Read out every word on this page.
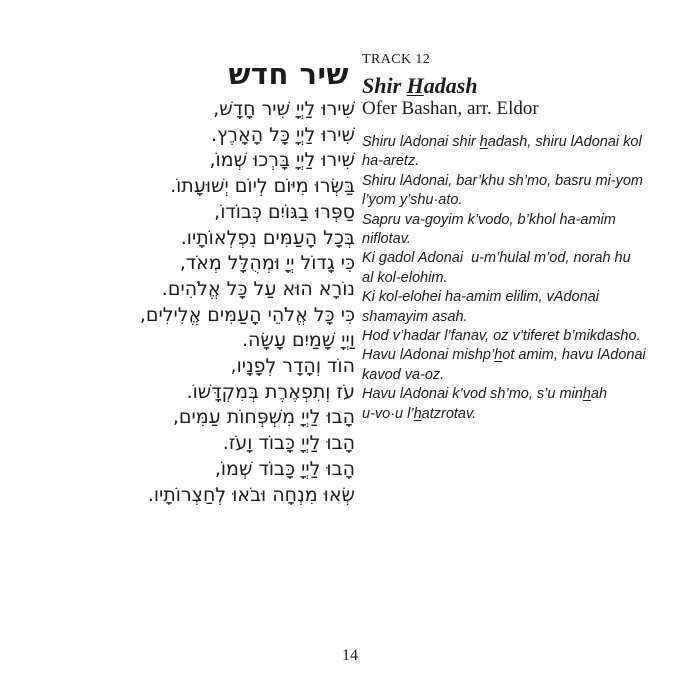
שיר חדש
שִׁירוּ לַיְיָ שִׁיר חָדָשׁ,
שִׁירוּ לַיְיָ כָּל הָאָרֶץ.
שִׁירוּ לַיְיָ בָּרְכוּ שְׁמוֹ,
בַּשְּׂרוּ מִיּוֹם לְיוֹם יְשׁוּעָתוֹ.
סַפְּרוּ בַגּוֹיִם כְּבוֹדוֹ,
בְּכָל הָעַמִּים נִפְלְאוֹתָיו.
כִּי גָדוֹל יְיָ וּמְהֻלָּל מְאֹד,
נוֹרָא הוּא עַל כָּל אֱלֹהִים.
כִּי כָּל אֱלֹהֵי הָעַמִּים אֱלִילִים,
וַיְיָ שָׁמַיִם עָשָׂה.
הוֹד וְהָדָר לְפָנָיו,
עֹז וְתִפְאֶרֶת בְּמִקְדָּשׁוֹ.
הָבוּ לַיְיָ מִשְׁפְּחוֹת עַמִּים,
הָבוּ לַיְיָ כָּבוֹד וָעֹז.
הָבוּ לַיְיָ כָּבוֹד שְׁמוֹ,
שְׂאוּ מִנְחָה וּבֹאוּ לְחַצְרוֹתָיו.
TRACK 12
Shir Hadash
Ofer Bashan, arr. Eldor
Shiru lAdonai shir hadash, shiru lAdonai kol
ha-aretz.
Shiru lAdonai, bar’khu sh’mo, basru mi-yom
l’yom y’shu·ato.
Sapru va-goyim k’vodo, b’khol ha-amim
niflotav.
Ki gadol Adonai  u-m’hulal m’od, norah hu
al kol-elohim.
Ki kol-elohei ha-amim elilim, vAdonai
shamayim asah.
Hod v’hadar l’fanav, oz v’tiferet b’mikdasho.
Havu lAdonai mishp’hot amim, havu lAdonai
kavod va-oz.
Havu lAdonai k’vod sh’mo, s’u minhah
u-vo·u l’hatzrotav.
14
